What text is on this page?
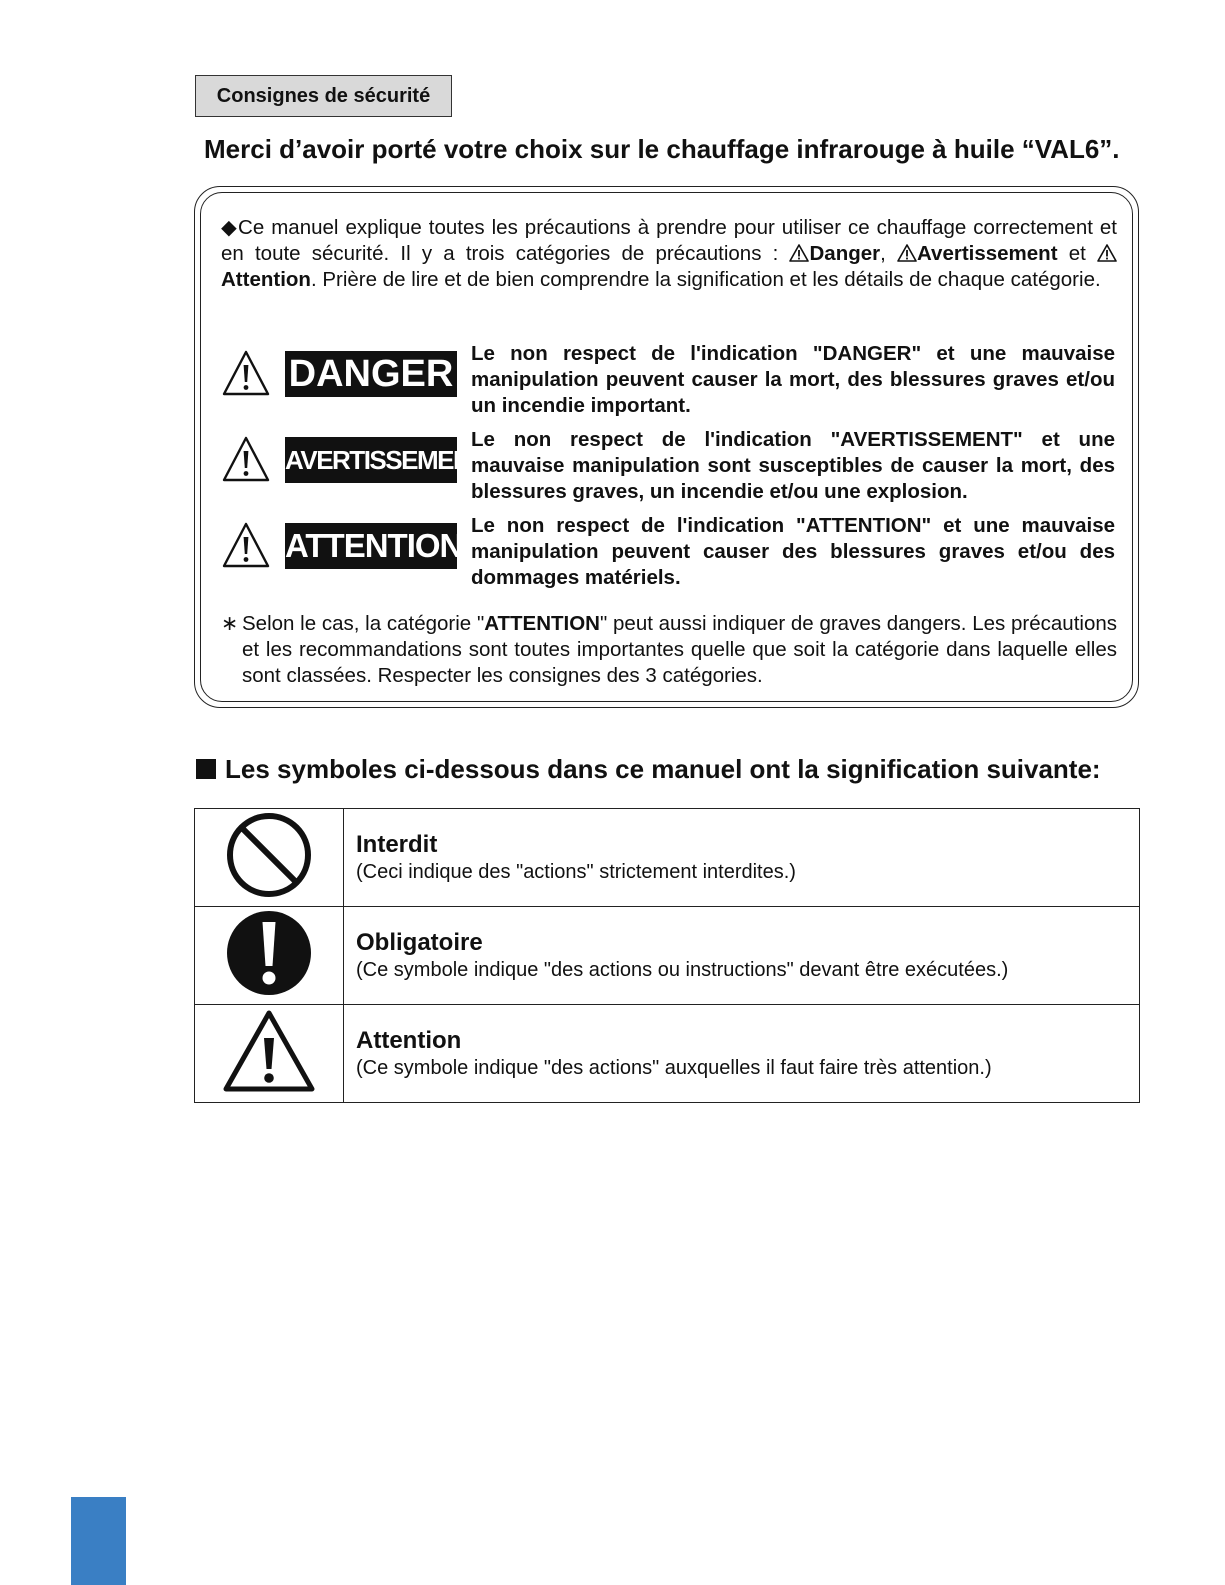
Consignes de sécurité
Merci d’avoir porté votre choix sur le chauffage infrarouge à huile “VAL6”.
◆Ce manuel explique toutes les précautions à prendre pour utiliser ce chauffage correctement et en toute sécurité. Il y a trois catégories de précautions : Danger, Avertissement et Attention. Prière de lire et de bien comprendre la signification et les détails de chaque catégorie.
DANGER Le non respect de l'indication "DANGER" et une mauvaise manipulation peuvent causer la mort, des blessures graves et/ou un incendie important.
AVERTISSEMENT
Le non respect de l'indication "AVERTISSEMENT" et une mauvaise manipulation sont susceptibles de causer la mort, des blessures graves, un incendie et/ou une explosion.
ATTENTION
Le non respect de l'indication "ATTENTION" et une mauvaise manipulation peuvent causer des blessures graves et/ou des dommages matériels.
∗ Selon le cas, la catégorie "ATTENTION" peut aussi indiquer de graves dangers. Les précautions et les recommandations sont toutes importantes quelle que soit la catégorie dans laquelle elles sont classées. Respecter les consignes des 3 catégories.
Les symboles ci-dessous dans ce manuel ont la signification suivante:

Interdit
(Ceci indique des "actions" strictement interdites.)

Obligatoire
(Ce symbole indique "des actions ou instructions" devant être exécutées.)

Attention
(Ce symbole indique "des actions" auxquelles il faut faire très attention.)
